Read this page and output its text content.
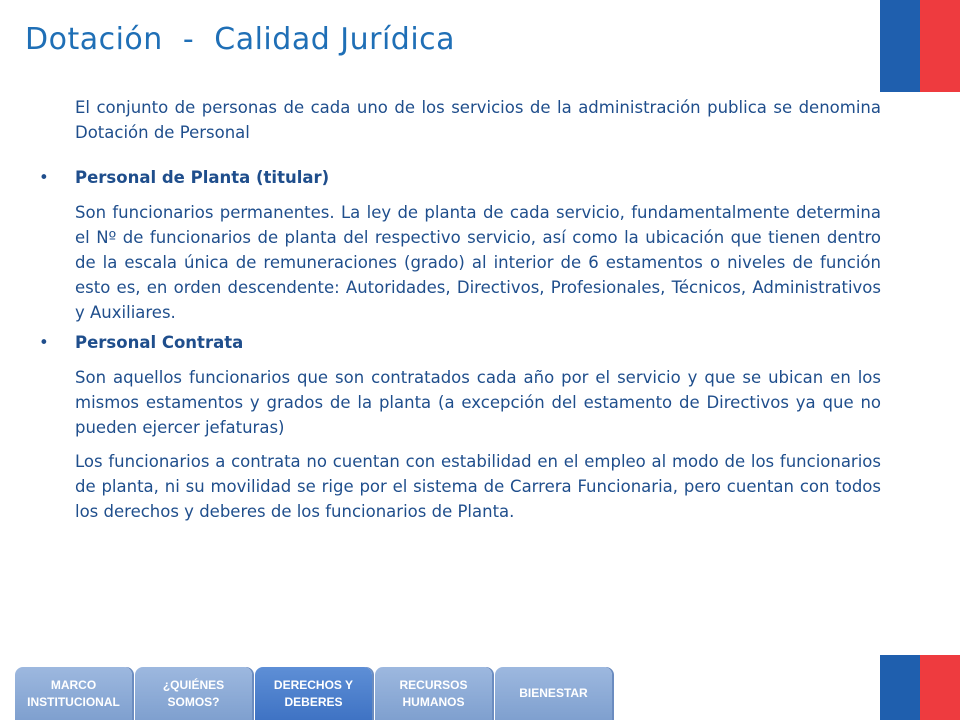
Dotación  -  Calidad Jurídica

El conjunto de personas de cada uno de los servicios de la administración publica se denomina Dotación de Personal

• Personal de Planta (titular)

Son funcionarios permanentes. La ley de planta de cada servicio, fundamentalmente determina el Nº de funcionarios de planta del respectivo servicio, así como la ubicación que tienen dentro de la escala única de remuneraciones (grado) al interior de 6 estamentos o niveles de función esto es, en orden descendente: Autoridades, Directivos, Profesionales, Técnicos, Administrativos y Auxiliares.

• Personal Contrata

Son aquellos funcionarios que son contratados cada año por el servicio y que se ubican en los mismos estamentos y grados de la planta (a excepción del estamento de Directivos ya que no pueden ejercer jefaturas)

Los funcionarios a contrata no cuentan con estabilidad en el empleo al modo de los funcionarios de planta, ni su movilidad se rige por el sistema de Carrera Funcionaria, pero cuentan con todos los derechos y deberes de los funcionarios de Planta.

MARCO
INSTITUCIONAL
¿QUIÉNES
SOMOS?
DERECHOS Y
DEBERES
RECURSOS
HUMANOS
BIENESTAR
